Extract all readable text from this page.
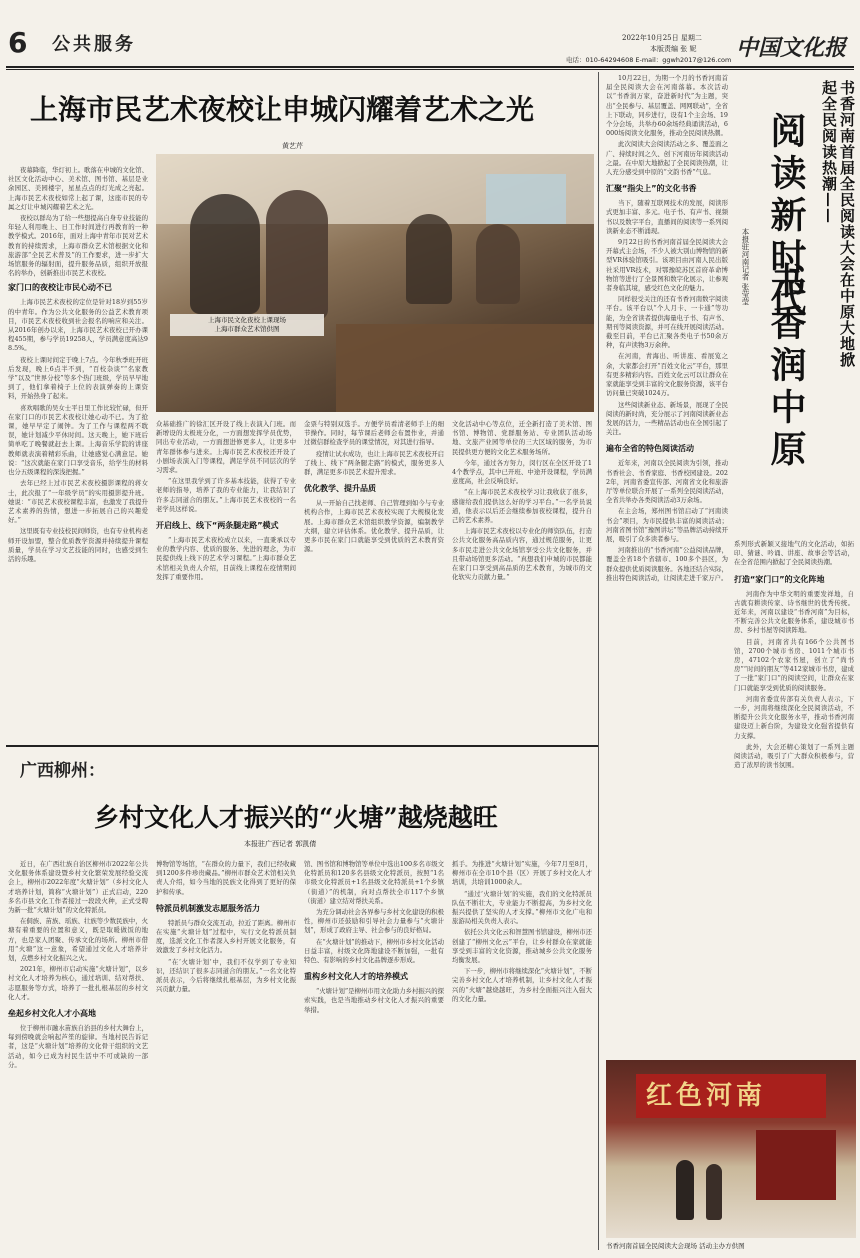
6 公共服务	2022年10月25日 星期二
本版责编 张 妮
电话：010-64294608 E-mail：ggwh2017@126.com 中国文化报
上海市民艺术夜校让申城闪耀着艺术之光
黄艺芹

夜幕降临，华灯初上。歌落在申城的文化馆、社区文化活动中心、美术馆、图书馆、基层是业余园区、美园楼宇，星星点点的灯光成之亮起。上海市民艺术夜校如常上起了课，这座市民的专属之灯让申城闪耀着艺术之光。

夜校以群岛为了给一些想提高自身专业技能的年轻人利用晚上、日工作时间进行再教育的一种教学模式。2016年，面对上海中青年市民对艺术教育的持续需求，上海市群众艺术馆根据文化和旅游部“全民艺术普及”的工作要求，进一步扩大场馆服务的辐射面，提升服务品质，组织开放报名的举办，创新推出市民艺术夜校。

家门口的夜校让市民心动不已

上海市民艺术夜校的定位是针对18岁到55岁的中青年。作为公共文化服务的公益艺术教育项目，市民艺术夜校收到社会报名的响应和关注。从2016年创办以来，上海市民艺术夜校已开办课程455期，参与学员19258人，学员满意度高达98.5%。

夜校上课时间定于晚上7点。今年秋季班开班后发现，晚上6点半不到，“百校杂谈”“名家教学”以及“世界分校”等多个热门班级，学员早早地到了，他们拿着椅子上位的表演弹奏的上课资料，开始热身了起来。

喜欢唱歌的吴女士平日里工作比较忙碌，但开在家门口的市民艺术夜校让她心动不已。为了抢课，她早早定了闹钟。为了工作与课程两不耽误，她计划减少平休时间。这天晚上，她下班后简单吃了晚餐就赶去上课。上海音乐学院的讲座教师就表演着精彩乐曲，让她感觉心满意足。她说：“这次就能在家门口享受音乐，给学生的材料也分五级课程的深浅把握。”

去年已经上过市民艺术夜校摄影课程的蒋女士，此次报了“一年级学员”的实用摄影提升班。她说：“市民艺术夜校课程丰富，也激发了我提升艺术素养的热情，想进一步拓展自己的兴趣爱好。”

这里既有专业技校民间师资，也有专业机构老师开设加盟，整合优质教学资源并持续提升课程质量，学员在学习文艺技能的同时，也感受到生活的乐趣。

上海市民文化夜校上课现场
上海市群众艺术馆供图

众基础推广的徐汇区开设了线上表演入门班。而新增设的太极班分化，一方面想发挥学员优势，同出专业活动，一方面想进修更多人，让更多中青年群体参与进来。上海市民艺术夜校还开设了小剧场表演入门等课程，满足学员不同层次的学习需求。

“在这里我学到了许多基本技能，获得了专业老师的指导，培养了我的专业能力，让我结识了许多志同道合的朋友。”上海市民艺术夜校的一名老学员这样说。

开启线上、线下“两条腿走路”模式

“上海市民艺术夜校成立以来，一直秉承以专业的教学内容、优质的服务、先进的理念，为市民提供线上线下的艺术学习课程。”上海市群众艺术馆相关负责人介绍，目前线上课程在疫情期间发挥了重要作用。

金票与特别双选手。方便学员看清老师手上的细节操作。同时，每节课后老师会布置作业，并通过微信群检查学员的课堂情况，对其进行指导。

疫情让试水成功，也让上海市民艺术夜校开启了线上、线下“两条腿走路”的模式，服务更多人群，满足更多市民艺术提升需求。

优化教学、提升品质

从一开始自己找老师、自己管理到如今与专业机构合作，上海市民艺术夜校实现了大规模化发展。上海市群众艺术馆组织教学资源，编制教学大纲，建立评估体系。优化教学、提升品质，让更多市民在家门口就能享受到优质的艺术教育资源。

文化活动中心等点位，迁全新打造了美术馆、图书馆、博物馆、党群服务站、专业团队活动场地、文旅产业园等单位的三大区域的服务，为市民提供更方便的文化艺术服务场所。

今年，通过各方努力，闵行区在全区开设了14个教学点，其中已开班、中途开设课程，学员满意度高，社会反响良好。

“在上海市民艺术夜校学习让我收获了很多，感谢给我们提供这么好的学习平台。”一名学员说道，他表示以后还会继续参加夜校课程，提升自己的艺术素养。

上海市民艺术夜校以专业化的师资队伍，打造公共文化服务高品质内容，通过规范服务，让更多市民走进公共文化场馆享受公共文化服务，并且带动场馆更多活动。“真想我们申城的市民都能在家门口享受到高品质的艺术教育，为城市的文化软实力贡献力量。”

书香河南首届全民阅读大会在中原大地掀起全民阅读热潮——
阅读新时代
书香润中原
本报驻河南记者 张莹莹

10月22日，为期一个月的书香河南首届全民阅读大会在河南落幕。本次活动以“书香润万家，奋进新时代”为主题，突出“全民参与、基层覆盖、网网联动”，全省上下联动，同步进行，设有1个主会场、19个分会场，共举办60余场经典诵读活动，6000场阅读文化服务，推动全民阅读热潮。

此次阅读大会阅读活动之多、覆盖面之广、持续时间之久、创下河南历年阅读活动之最。在中原大地掀起了全民阅读热潮，让人充分感受到中原的“文韵书香”气息。

汇聚“指尖上”的文化书香

当下，随着互联网技术的发展，阅读形式更加丰富、多元。电子书、有声书、视频书以及数字平台，直播间的阅读等一系列阅读新业态不断涌现。

9月22日的书香河南首届全民阅读大会开幕式主会场，不少人被大别山博物馆的新型VR体验馆吸引。该项目由河南人民出版社采用VR技术，对鄂豫皖苏区首府革命博物馆等进行了全景图和数字化展示，让参观者身临其境，感受红色文化的魅力。

同样很受关注的还有书香河南数字阅读平台。该平台以“个人月卡、一卡通”等功能，为全省读者提供海量电子书、有声书、期刊等阅读资源，并可在线开展阅读活动。截至目前，平台已汇聚各类电子书50余万种，有声读物3万余种。

在河南，青海出、听讲座、看展览之余，大家都会打开“百姓文化云”平台，那里有更多精彩内容。百姓文化云可以让群众在家就能享受到丰富的文化服务资源，该平台访问量已突破1024万。

这些阅读新业态、新场景，展现了全民阅读的新时尚，充分展示了河南阅读新业态发展的活力，一些精品活动也在全国引起了关注。

遍布全省的特色阅读活动

近年来，河南以全民阅读为引领，推动书香社会、书香家庭、书香校园建设。2022年，河南省委宣传部、河南省文化和旅游厅等单位联合开展了一系列全民阅读活动，全省共举办各类阅读活动3万余场。

在主会场，郑州图书馆启动了“河南读书会”项目，为市民提供丰富的阅读活动；河南省图书馆“豫图讲坛”等品牌活动持续开展，吸引了众多读者参与。

河南推出的“书香河南”公益阅读品牌，覆盖全省18个省辖市、100多个县区，为群众提供优质阅读服务。各地还结合实际，推出特色阅读活动，让阅读走进千家万户。

系列形式新颖又接地气的文化活动，如拓印、猜谜、吟诵、讲座、故事会等活动，在全省范围内掀起了全民阅读热潮。

打造“家门口”的文化阵地

河南作为中华文明的重要发祥地，自古就有耕读传家、诗书继世的优秀传统。近年来，河南以建设“书香河南”为目标，不断完善公共文化服务体系，建设城市书房、乡村书屋等阅读阵地。

目前，河南省共有166个公共图书馆，2700个城市书房、1011个城市书房，47102个农家书屋，创立了“尚书房”“时间的朋友”等412家城市书房，建成了一批“家门口”的阅读空间，让群众在家门口就能享受到优质的阅读服务。

河南省委宣传部有关负责人表示，下一步，河南将继续深化全民阅读活动，不断提升公共文化服务水平，推动书香河南建设迈上新台阶，为建设文化强省提供有力支撑。

此外，大会还精心策划了一系列主题阅读活动，吸引了广大群众积极参与，营造了浓厚的读书氛围。

红色河南
书香河南首届全民阅读大会现场 活动主办方供图
广西柳州：
乡村文化人才振兴的“火塘”越烧越旺
本报驻广西记者 郭凯倩

近日，在广西壮族自治区柳州市2022年公共文化服务体系建设暨乡村文化繁荣发展经验交流会上，柳州市2022年度“火塘计划”（乡村文化人才培养计划，简称“火塘计划”）正式启动，220多名市县文化工作者接过一段段火种，正式受聘为新一批“火塘计划”的文化特派员。

在侗族、苗族、瑶族、壮族等少数民族中，火塘有着重要的位置和意义，既是取暖做饭的地方，也是家人团聚、传承文化的场所。柳州市借用“火塘”这一意象，希望通过文化人才培养计划，点燃乡村文化振兴之火。

2021年，柳州市启动实施“火塘计划”，以乡村文化人才培养为核心，通过培训、结对帮扶、志愿服务等方式，培养了一批扎根基层的乡村文化人才。

垒起乡村文化人才小高地

位于柳州市融水苗族自治县的乡村大舞台上，每到傍晚就会响起芦笙的旋律。当地村民告诉记者，这是“火塘计划”培养的文化骨干组织的文艺活动，如今已成为村民生活中不可或缺的一部分。

博物馆等场馆，“在群众的力量下，我们已经收藏到1200多件珍贵藏品。”柳州市群众艺术馆相关负责人介绍，如今当地的民族文化得到了更好的保护和传承。

特派员机制激发志愿服务活力

特派员与群众交流互动，拉近了距离。柳州市在实施“火塘计划”过程中，实行文化特派员制度，选派文化工作者深入乡村开展文化服务，有效激发了乡村文化活力。

“在‘火塘计划’中，我们不仅学到了专业知识，还结识了很多志同道合的朋友。”一名文化特派员表示，今后将继续扎根基层，为乡村文化振兴贡献力量。

馆、图书馆和博物馆等单位中选出100多名市级文化特派员和120多名县级文化特派员，按照“1名市级文化特派员+1名县级文化特派员+1个乡镇（街道）”的机制，向对点帮扶全市117个乡镇（街道）建立结对帮扶关系。

为充分调动社会各界参与乡村文化建设的积极性，柳州市还鼓励和引导社会力量参与“火塘计划”，形成了政府主导、社会参与的良好格局。

在“火塘计划”的推动下，柳州市乡村文化活动日益丰富，村级文化阵地建设不断加强，一批有特色、有影响的乡村文化品牌逐步形成。

重构乡村文化人才的培养模式

“火塘计划”是柳州市用文化助力乡村振兴的探索实践，也是当地推动乡村文化人才振兴的重要举措。

抓手。为推进“火塘计划”实施，今年7月至8月，柳州市在全市10个县（区）开展了乡村文化人才培训，共培训1000余人。

“通过‘火塘计划’的实施，我们的文化特派员队伍不断壮大，专业能力不断提高，为乡村文化振兴提供了坚实的人才支撑。”柳州市文化广电和旅游局相关负责人表示。

依托公共文化云和智慧图书馆建设，柳州市还创建了“柳州文化云”平台，让乡村群众在家就能享受到丰富的文化资源，推动城乡公共文化服务均衡发展。

下一步，柳州市将继续深化“火塘计划”，不断完善乡村文化人才培养机制，让乡村文化人才振兴的“火塘”越烧越旺，为乡村全面振兴注入强大的文化力量。
